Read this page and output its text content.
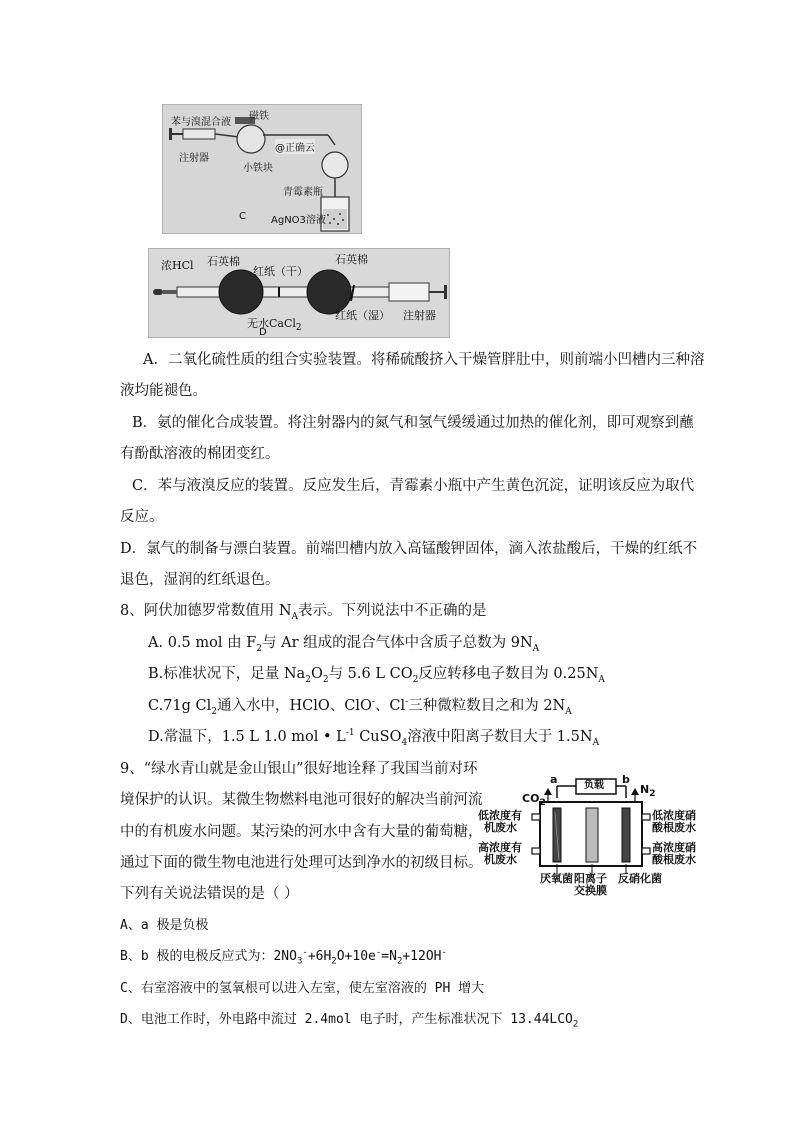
苯与溴混合液
磁铁
注射器
小铁块
@正确云
青霉素瓶
C	AgNO3溶液
浓HCl 石英棉
红纸（干）
石英棉
无水CaCl$_2$
红纸（湿） 注射器
D
A．二氧化硫性质的组合实验装置。将稀硫酸挤入干燥管胖肚中，则前端小凹槽内三种溶
液均能褪色。
B．氨的催化合成装置。将注射器内的氮气和氢气缓缓通过加热的催化剂，即可观察到蘸
有酚酞溶液的棉团变红。
C．苯与液溴反应的装置。反应发生后，青霉素小瓶中产生黄色沉淀，证明该反应为取代
反应。
D．氯气的制备与漂白装置。前端凹槽内放入高锰酸钾固体，滴入浓盐酸后，干燥的红纸不
退色，湿润的红纸退色。
8、阿伏加德罗常数值用 $N_A$表示。下列说法中不正确的是
A. 0.5 mol 由 $F_2$与 Ar 组成的混合气体中含质子总数为 $9N_A$
B.标准状况下，足量 $Na_2O_2$与 5.6 L $CO_2$反应转移电子数目为 $0.25N_A$
C.71g $Cl_2$通入水中，HClO、ClO-、Cl-三种微粒数目之和为 $2N_A$
D.常温下，1.5 L 1.0 mol • $L^{-1}$ CuSO$_4$溶液中阳离子数目大于 $1.5N_A$
9、“绿水青山就是金山银山”很好地诠释了我国当前对环
境保护的认识。某微生物燃料电池可很好的解决当前河流
中的有机废水问题。某污染的河水中含有大量的葡萄糖，
通过下面的微生物电池进行处理可达到净水的初级目标。
下列有关说法错误的是（ ）
A、a 极是负极
B、b 极的电极反应式为：$2NO_3^-+6H_2O+10e^-=N_2+12OH^-$
C、右室溶液中的氢氧根可以进入左室，使左室溶液的 PH 增大
D、电池工作时，外电路中流过 2.4mol 电子时，产生标准状况下 $13.44LCO_2$
a	b
负载
$CO_2$
$N_2$
低浓度有
机废水
高浓度有
机废水
低浓度硝
酸根废水
高浓度硝
酸根废水
厌氧菌 阳离子
交换膜
反硝化菌
